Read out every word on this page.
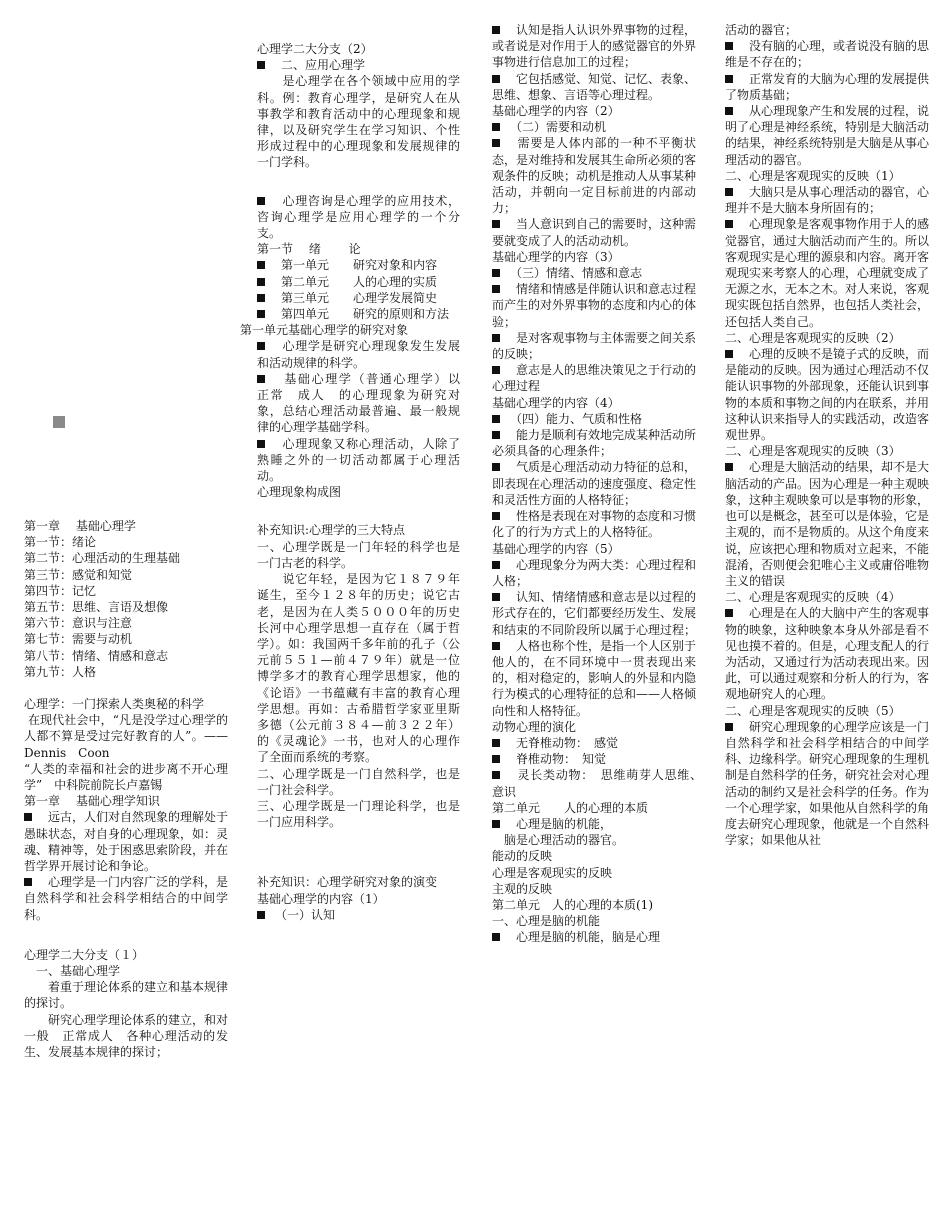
第一章　 基础心理学

第一节：绪论

第二节：心理活动的生理基础

第三节：感觉和知觉

第四节：记忆

第五节：思维、言语及想像

第六节：意识与注意

第七节：需要与动机

第八节：情绪、情感和意志

第九节：人格

心理学：一门探索人类奥秘的科学

在现代社会中，“凡是没学过心理学的人都不算是受过完好教育的人”。——Dennis　Coon

“人类的幸福和社会的进步离不开心理学”　中科院前院长卢嘉锡

第一章　 基础心理学知识

　远古，人们对自然现象的理解处于愚昧状态，对自身的心理现象，如：灵魂、精神等，处于困惑思索阶段，并在哲学界开展讨论和争论。

　心理学是一门内容广泛的学科，是自然科学和社会科学相结合的中间学科。

心理学二大分支（１）

　一、基础心理学

　　着重于理论体系的建立和基本规律的探讨。

　　研究心理学理论体系的建立，和对一般　正常成人　各种心理活动的发生、发展基本规律的探讨；

心理学二大分支（2）

　二、应用心理学

　　是心理学在各个领域中应用的学科。例：教育心理学，是研究人在从事教学和教育活动中的心理现象和规律，以及研究学生在学习知识、个性形成过程中的心理现象和发展规律的一门学科。

　心理咨询是心理学的应用技术，咨询心理学是应用心理学的一个分支。

第一节　 绪　　 论

　第一单元　　研究对象和内容

　第二单元　　人的心理的实质

　第三单元　　心理学发展简史

　第四单元　　研究的原则和方法

第一单元基础心理学的研究对象

　心理学是研究心理现象发生发展和活动规律的科学。

　基础心理学（普通心理学）以　正常　成人　的心理现象为研究对象，总结心理活动最普遍、最一般规律的心理学基础学科。

　心理现象又称心理活动，人除了熟睡之外的一切活动都属于心理活动。

心理现象构成图

补充知识:心理学的三大特点

一、心理学既是一门年轻的科学也是一门古老的科学。

　　说它年轻，是因为它１８７９年诞生，至今１２８年的历史；说它古老，是因为在人类５０００年的历史长河中心理学思想一直存在（属于哲学）。如：我国两千多年前的孔子（公元前５５１—前４７９年）就是一位博学多才的教育心理学思想家，他的《论语》一书蕴藏有丰富的教育心理学思想。再如：古希腊哲学家亚里斯多德（公元前３８４—前３２２年）的《灵魂论》一书，也对人的心理作了全面而系统的考察。

二、心理学既是一门自然科学，也是一门社会科学。

三、心理学既是一门理论科学，也是一门应用科学。

补充知识：心理学研究对象的演变

基础心理学的内容（1）

　（一）认知

　认知是指人认识外界事物的过程，或者说是对作用于人的感觉器官的外界事物进行信息加工的过程；

　它包括感觉、知觉、记忆、表象、思维、想象、言语等心理过程。

基础心理学的内容（2）

　（二）需要和动机

　需要是人体内部的一种不平衡状态，是对维持和发展其生命所必须的客观条件的反映；动机是推动人从事某种活动，并朝向一定目标前进的内部动力；

　当人意识到自己的需要时，这种需要就变成了人的活动动机。

基础心理学的内容（3）

　（三）情绪、情感和意志

　情绪和情感是伴随认识和意志过程而产生的对外界事物的态度和内心的体验；

　是对客观事物与主体需要之间关系的反映；

　意志是人的思维决策见之于行动的心理过程

基础心理学的内容（4）

　（四）能力、气质和性格

　能力是顺利有效地完成某种活动所必须具备的心理条件；

　气质是心理活动动力特征的总和，即表现在心理活动的速度强度、稳定性和灵活性方面的人格特征；

　性格是表现在对事物的态度和习惯化了的行为方式上的人格特征。

基础心理学的内容（5）

　心理现象分为两大类：心理过程和人格；

　认知、情绪情感和意志是以过程的形式存在的，它们都要经历发生、发展和结束的不同阶段所以属于心理过程；

　人格也称个性，是指一个人区别于他人的，在不同环境中一贯表现出来的，相对稳定的，影响人的外显和内隐行为模式的心理特征的总和——人格倾向性和人格特征。

动物心理的演化

　无脊椎动物：　感觉

　脊椎动物：　知觉

　灵长类动物：　思维萌芽人思维、　意识

第二单元　　人的心理的本质

　心理是脑的机能，

　脑是心理活动的器官。

能动的反映

心理是客观现实的反映

主观的反映

第二单元　人的心理的本质(1)

一、心理是脑的机能

　心理是脑的机能，脑是心理

活动的器官；

　没有脑的心理，或者说没有脑的思维是不存在的；

　正常发育的大脑为心理的发展提供了物质基础；

　从心理现象产生和发展的过程，说明了心理是神经系统，特别是大脑活动的结果，神经系统特别是大脑是从事心理活动的器官。

二、心理是客观现实的反映（1）

　大脑只是从事心理活动的器官，心理并不是大脑本身所固有的；

　心理现象是客观事物作用于人的感觉器官，通过大脑活动而产生的。所以客观现实是心理的源泉和内容。离开客观现实来考察人的心理，心理就变成了无源之水，无本之木。对人来说，客观现实既包括自然界，也包括人类社会，还包括人类自己。

二、心理是客观现实的反映（2）

　心理的反映不是镜子式的反映，而是能动的反映。因为通过心理活动不仅能认识事物的外部现象，还能认识到事物的本质和事物之间的内在联系，并用这种认识来指导人的实践活动，改造客观世界。

二、心理是客观现实的反映（3）

　心理是大脑活动的结果，却不是大脑活动的产品。因为心理是一种主观映象，这种主观映象可以是事物的形象，也可以是概念，甚至可以是体验，它是主观的，而不是物质的。从这个角度来说，应该把心理和物质对立起来，不能混淆，否则便会犯唯心主义或庸俗唯物主义的错误

二、心理是客观现实的反映（4）

　心理是在人的大脑中产生的客观事物的映象，这种映象本身从外部是看不见也摸不着的。但是，心理支配人的行为活动，又通过行为活动表现出来。因此，可以通过观察和分析人的行为，客观地研究人的心理。

二、心理是客观现实的反映（5）

　研究心理现象的心理学应该是一门自然科学和社会科学相结合的中间学科、边缘科学。研究心理现象的生理机制是自然科学的任务，研究社会对心理活动的制约又是社会科学的任务。作为一个心理学家，如果他从自然科学的角度去研究心理现象，他就是一个自然科学家；如果他从社
